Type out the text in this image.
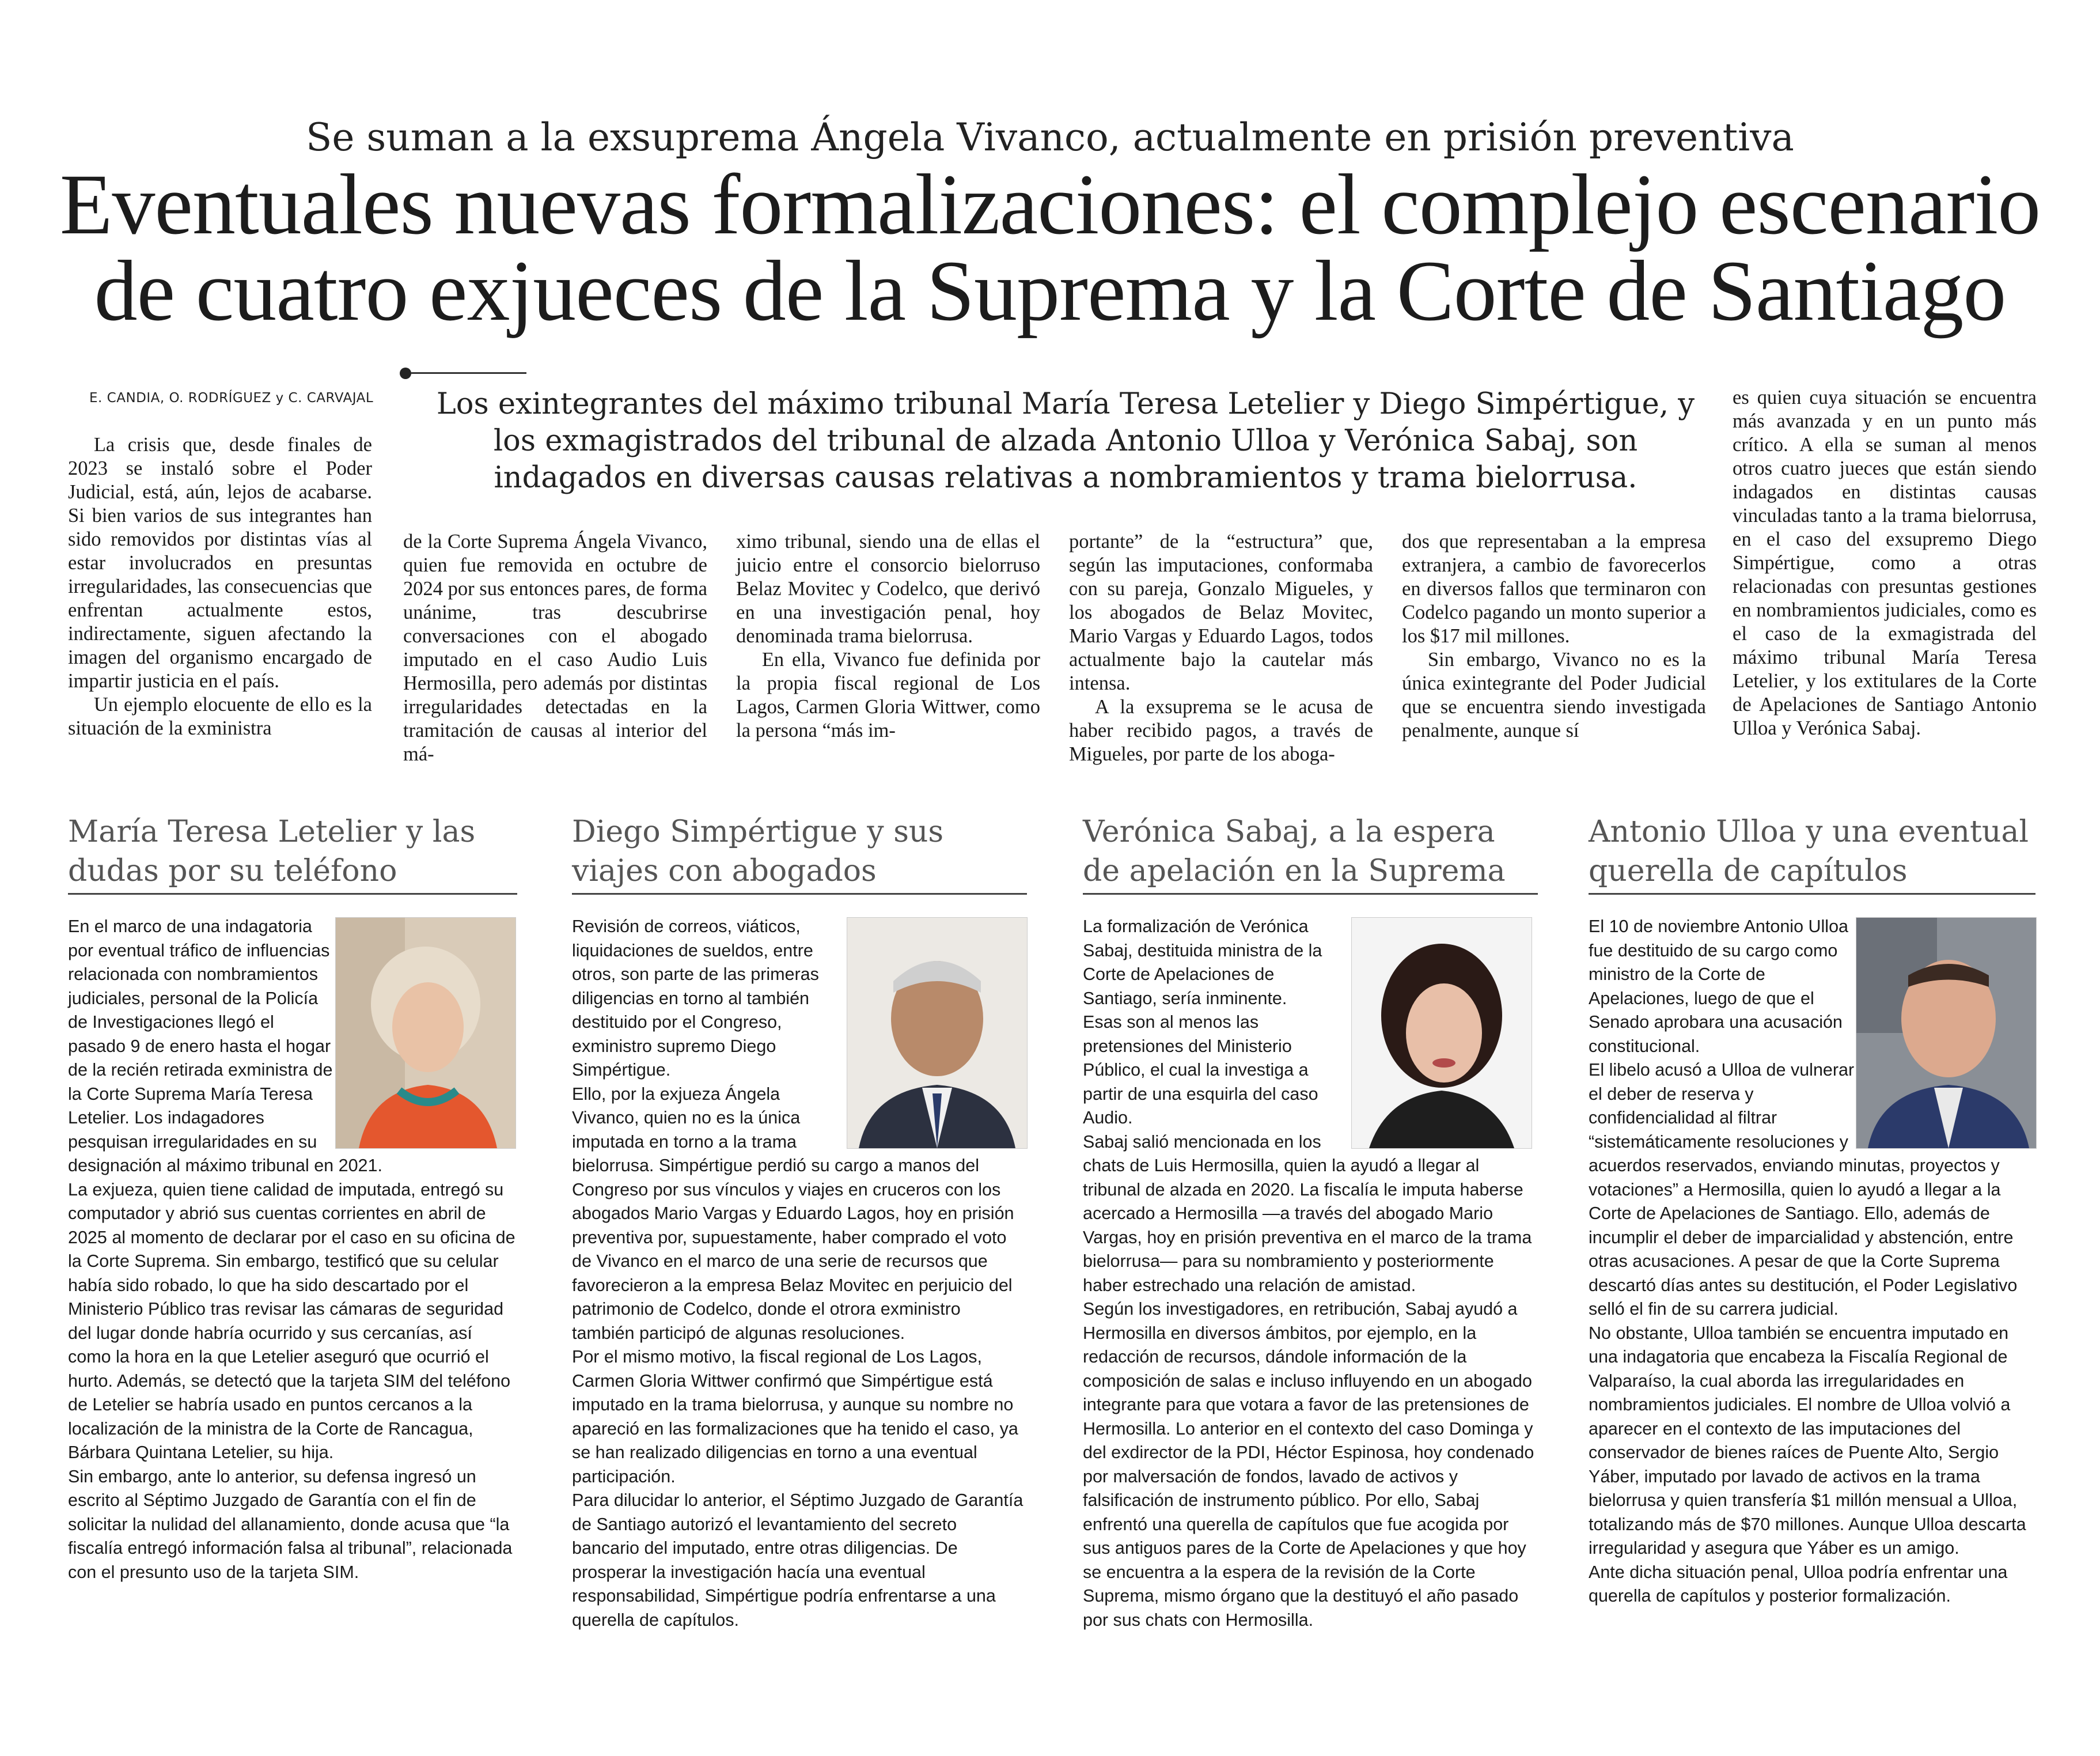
Se suman a la exsuprema Ángela Vivanco, actualmente en prisión preventiva
Eventuales nuevas formalizaciones: el complejo escenario
de cuatro exjueces de la Suprema y la Corte de Santiago
E. CANDIA, O. RODRÍGUEZ y C. CARVAJAL	Los exintegrantes del máximo tribunal María Teresa Letelier y Diego Simpértigue, y los exmagistrados del tribunal de alzada Antonio Ulloa y Verónica Sabaj, son indagados en diversas causas relativas a nombramientos y trama bielorrusa.

La crisis que, desde finales de 2023 se instaló sobre el Poder Judicial, está, aún, lejos de acabarse. Si bien varios de sus integrantes han sido removidos por distintas vías al estar involucrados en presuntas irregularidades, las consecuencias que enfrentan actualmente estos, indirectamente, siguen afectando la imagen del organismo encargado de impartir justicia en el país.

Un ejemplo elocuente de ello es la situación de la exministra

de la Corte Suprema Ángela Vivanco, quien fue removida en octubre de 2024 por sus entonces pares, de forma unánime, tras descubrirse conversaciones con el abogado imputado en el caso Audio Luis Hermosilla, pero además por distintas irregularidades detectadas en la tramitación de causas al interior del má-

ximo tribunal, siendo una de ellas el juicio entre el consorcio bielorruso Belaz Movitec y Codelco, que derivó en una investigación penal, hoy denominada trama bielorrusa.

En ella, Vivanco fue definida por la propia fiscal regional de Los Lagos, Carmen Gloria Wittwer, como la persona “más im-

portante” de la “estructura” que, según las imputaciones, conformaba con su pareja, Gonzalo Migueles, y los abogados de Belaz Movitec, Mario Vargas y Eduardo Lagos, todos actualmente bajo la cautelar más intensa.

A la exsuprema se le acusa de haber recibido pagos, a través de Migueles, por parte de los aboga-

dos que representaban a la empresa extranjera, a cambio de favorecerlos en diversos fallos que terminaron con Codelco pagando un monto superior a los $17 mil millones.

Sin embargo, Vivanco no es la única exintegrante del Poder Judicial que se encuentra siendo investigada penalmente, aunque sí

es quien cuya situación se encuentra más avanzada y en un punto más crítico. A ella se suman al menos otros cuatro jueces que están siendo indagados en distintas causas vinculadas tanto a la trama bielorrusa, en el caso del exsupremo Diego Simpértigue, como a otras relacionadas con presuntas gestiones en nombramientos judiciales, como es el caso de la exmagistrada del máximo tribunal María Teresa Letelier, y los extitulares de la Corte de Apelaciones de Santiago Antonio Ulloa y Verónica Sabaj.

María Teresa Letelier y las dudas por su teléfono

En el marco de una indagatoria por eventual tráfico de influencias relacionada con nombramientos judiciales, personal de la Policía de Investigaciones llegó el pasado 9 de enero hasta el hogar de la recién retirada exministra de la Corte Suprema María Teresa Letelier. Los indagadores pesquisan irregularidades en su designación al máximo tribunal en 2021.

La exjueza, quien tiene calidad de imputada, entregó su computador y abrió sus cuentas corrientes en abril de 2025 al momento de declarar por el caso en su oficina de la Corte Suprema. Sin embargo, testificó que su celular había sido robado, lo que ha sido descartado por el Ministerio Público tras revisar las cámaras de seguridad del lugar donde habría ocurrido y sus cercanías, así como la hora en la que Letelier aseguró que ocurrió el hurto. Además, se detectó que la tarjeta SIM del teléfono de Letelier se habría usado en puntos cercanos a la localización de la ministra de la Corte de Rancagua, Bárbara Quintana Letelier, su hija.

Sin embargo, ante lo anterior, su defensa ingresó un escrito al Séptimo Juzgado de Garantía con el fin de solicitar la nulidad del allanamiento, donde acusa que “la fiscalía entregó información falsa al tribunal”, relacionada con el presunto uso de la tarjeta SIM.

Diego Simpértigue y sus viajes con abogados

Revisión de correos, viáticos, liquidaciones de sueldos, entre otros, son parte de las primeras diligencias en torno al también destituido por el Congreso, exministro supremo Diego Simpértigue.

Ello, por la exjueza Ángela Vivanco, quien no es la única imputada en torno a la trama bielorrusa. Simpértigue perdió su cargo a manos del Congreso por sus vínculos y viajes en cruceros con los abogados Mario Vargas y Eduardo Lagos, hoy en prisión preventiva por, supuestamente, haber comprado el voto de Vivanco en el marco de una serie de recursos que favorecieron a la empresa Belaz Movitec en perjuicio del patrimonio de Codelco, donde el otrora exministro también participó de algunas resoluciones.

Por el mismo motivo, la fiscal regional de Los Lagos, Carmen Gloria Wittwer confirmó que Simpértigue está imputado en la trama bielorrusa, y aunque su nombre no apareció en las formalizaciones que ha tenido el caso, ya se han realizado diligencias en torno a una eventual participación.

Para dilucidar lo anterior, el Séptimo Juzgado de Garantía de Santiago autorizó el levantamiento del secreto bancario del imputado, entre otras diligencias. De prosperar la investigación hacía una eventual responsabilidad, Simpértigue podría enfrentarse a una querella de capítulos.

Verónica Sabaj, a la espera de apelación en la Suprema

La formalización de Verónica Sabaj, destituida ministra de la Corte de Apelaciones de Santiago, sería inminente.

Esas son al menos las pretensiones del Ministerio Público, el cual la investiga a partir de una esquirla del caso Audio.

Sabaj salió mencionada en los chats de Luis Hermosilla, quien la ayudó a llegar al tribunal de alzada en 2020. La fiscalía le imputa haberse acercado a Hermosilla —a través del abogado Mario Vargas, hoy en prisión preventiva en el marco de la trama bielorrusa— para su nombramiento y posteriormente haber estrechado una relación de amistad.

Según los investigadores, en retribución, Sabaj ayudó a Hermosilla en diversos ámbitos, por ejemplo, en la redacción de recursos, dándole información de la composición de salas e incluso influyendo en un abogado integrante para que votara a favor de las pretensiones de Hermosilla. Lo anterior en el contexto del caso Dominga y del exdirector de la PDI, Héctor Espinosa, hoy condenado por malversación de fondos, lavado de activos y falsificación de instrumento público. Por ello, Sabaj enfrentó una querella de capítulos que fue acogida por sus antiguos pares de la Corte de Apelaciones y que hoy se encuentra a la espera de la revisión de la Corte Suprema, mismo órgano que la destituyó el año pasado por sus chats con Hermosilla.

Antonio Ulloa y una eventual querella de capítulos

El 10 de noviembre Antonio Ulloa fue destituido de su cargo como ministro de la Corte de Apelaciones, luego de que el Senado aprobara una acusación constitucional.

El libelo acusó a Ulloa de vulnerar el deber de reserva y confidencialidad al filtrar “sistemáticamente resoluciones y acuerdos reservados, enviando minutas, proyectos y votaciones” a Hermosilla, quien lo ayudó a llegar a la Corte de Apelaciones de Santiago. Ello, además de incumplir el deber de imparcialidad y abstención, entre otras acusaciones. A pesar de que la Corte Suprema descartó días antes su destitución, el Poder Legislativo selló el fin de su carrera judicial.

No obstante, Ulloa también se encuentra imputado en una indagatoria que encabeza la Fiscalía Regional de Valparaíso, la cual aborda las irregularidades en nombramientos judiciales. El nombre de Ulloa volvió a aparecer en el contexto de las imputaciones del conservador de bienes raíces de Puente Alto, Sergio Yáber, imputado por lavado de activos en la trama bielorrusa y quien transfería $1 millón mensual a Ulloa, totalizando más de $70 millones. Aunque Ulloa descarta irregularidad y asegura que Yáber es un amigo.

Ante dicha situación penal, Ulloa podría enfrentar una querella de capítulos y posterior formalización.
